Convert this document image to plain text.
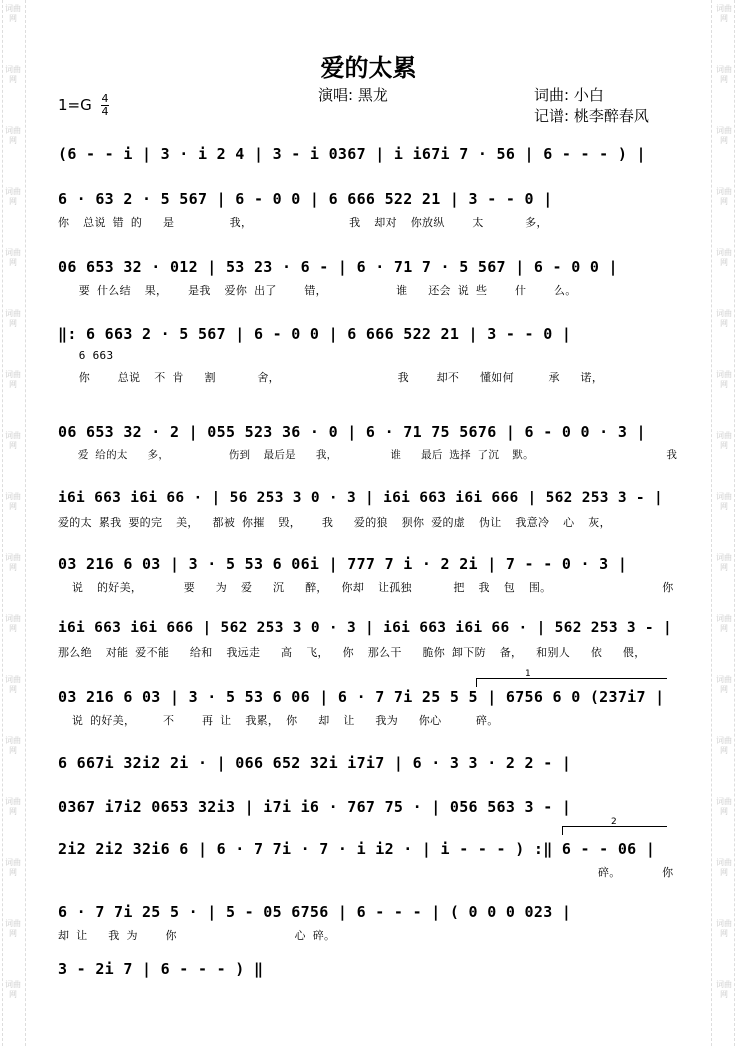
词曲网
词曲网
词曲网
词曲网
词曲网
词曲网
词曲网
词曲网
词曲网
词曲网
词曲网
词曲网
词曲网
词曲网
词曲网
词曲网
词曲网
词曲网
词曲网
词曲网
词曲网
词曲网
词曲网
词曲网
词曲网
词曲网
词曲网
词曲网
词曲网
词曲网
词曲网
词曲网
词曲网
词曲网
爱的太累
演唱: 黑龙	词曲: 小白
记谱: 桃李醉春风
1=G 4
4
(6 - - i | 3 · i 2 4 | 3 - i 0367 | i i67i 7 · 56 | 6 - - - ) |
6 · 63 2 · 5 567 | 6 - 0 0 | 6 666 522 21 | 3 - - 0 |
你  总说 错 的   是        我，              我  却对  你放纵    太      多，
06 653 32 · 012 | 53 23 · 6 - | 6 · 71 7 · 5 567 | 6 - 0 0 |
要 什么结  果，   是我  爱你 出了    错，          谁   还会 说 些    什    么。
‖: 6 663 2 · 5 567 | 6 - 0 0 | 6 666 522 21 | 3 - - 0 |
6 663
你    总说  不 肯   割      舍，                 我    却不   懂如何     承   诺，
06 653 32 · 2 | 055 523 36 · 0 | 6 · 71 75 5676 | 6 - 0 0 · 3 |
爱 给的太   多，         伤到  最后是   我，        谁   最后 选择 了沉  默。                    我
i6i 663 i6i 66 · | 56 253 3 0 · 3 | i6i 663 i6i 666 | 562 253 3 - |
爱的太 累我 要的完  美，  都被 你摧  毁，   我   爱的狼  狈你 爱的虚  伪让  我意冷  心  灰，
03 216 6 03 | 3 · 5 53 6 06i | 777 7 i · 2 2i | 7 - - 0 · 3 |
说  的好美，      要   为  爱   沉   醉，  你却  让孤独      把  我  包  围。                你
i6i 663 i6i 666 | 562 253 3 0 · 3 | i6i 663 i6i 66 · | 562 253 3 - |
那么绝  对能 爱不能   给和  我远走   高  飞，  你  那么干   脆你 卸下防  备，  和别人   依   偎，
03 216 6 03 | 3 · 5 53 6 06 | 6 · 7 7i 25 5 5 | 6756 6 0 (237i7 |
说 的好美，    不    再 让  我累， 你   却  让   我为   你心     碎。
6 667i 32i2 2i · | 066 652 32i i7i7 | 6 · 3 3 · 2 2 - |
0367 i7i2 0653 32i3 | i7i i6 · 767 75 · | 056 563 3 - |
2i2 2i2 32i6 6 | 6 · 7 7i · 7 · i i2 · | i - - - ) :‖ 6 - - 06 |
碎。      你
6 · 7 7i 25 5 · | 5 - 05 6756 | 6 - - - | ( 0 0 0 023 |
却 让   我 为    你                 心 碎。
3 - 2i 7 | 6 - - - ) ‖
1
2
